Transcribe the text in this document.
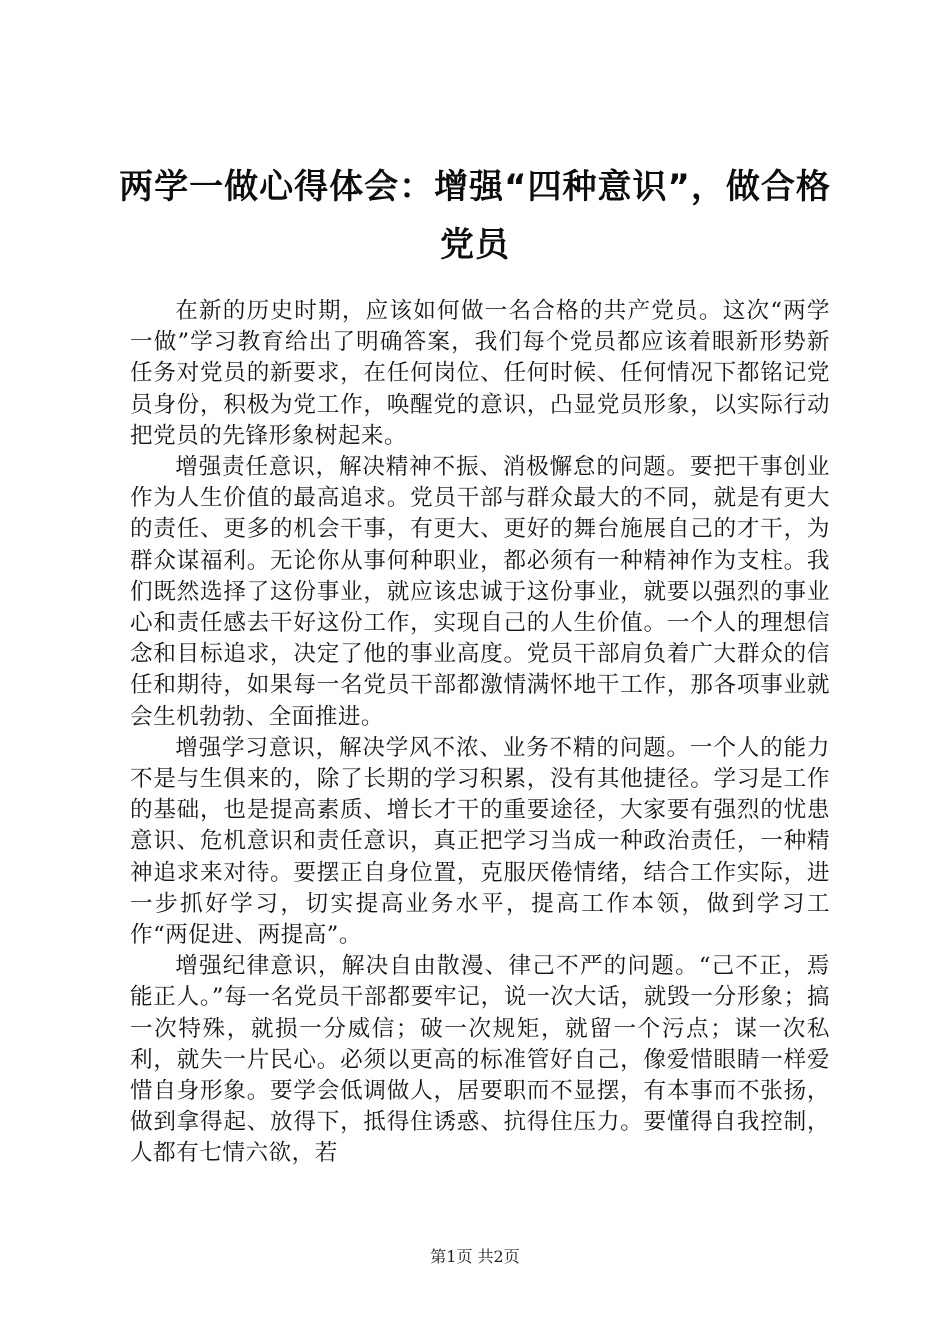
两学一做心得体会：增强“四种意识”，做合格党员

在新的历史时期，应该如何做一名合格的共产党员。这次“两学一做”学习教育给出了明确答案，我们每个党员都应该着眼新形势新任务对党员的新要求，在任何岗位、任何时候、任何情况下都铭记党员身份，积极为党工作，唤醒党的意识，凸显党员形象，以实际行动把党员的先锋形象树起来。

增强责任意识，解决精神不振、消极懈怠的问题。要把干事创业作为人生价值的最高追求。党员干部与群众最大的不同，就是有更大的责任、更多的机会干事，有更大、更好的舞台施展自己的才干，为群众谋福利。无论你从事何种职业，都必须有一种精神作为支柱。我们既然选择了这份事业，就应该忠诚于这份事业，就要以强烈的事业心和责任感去干好这份工作，实现自己的人生价值。一个人的理想信念和目标追求，决定了他的事业高度。党员干部肩负着广大群众的信任和期待，如果每一名党员干部都激情满怀地干工作，那各项事业就会生机勃勃、全面推进。

增强学习意识，解决学风不浓、业务不精的问题。一个人的能力不是与生俱来的，除了长期的学习积累，没有其他捷径。学习是工作的基础，也是提高素质、增长才干的重要途径，大家要有强烈的忧患意识、危机意识和责任意识，真正把学习当成一种政治责任，一种精神追求来对待。要摆正自身位置，克服厌倦情绪，结合工作实际，进一步抓好学习，切实提高业务水平，提高工作本领，做到学习工作“两促进、两提高”。

增强纪律意识，解决自由散漫、律己不严的问题。“己不正，焉能正人。”每一名党员干部都要牢记，说一次大话，就毁一分形象；搞一次特殊，就损一分威信；破一次规矩，就留一个污点；谋一次私利，就失一片民心。必须以更高的标准管好自己，像爱惜眼睛一样爱惜自身形象。要学会低调做人，居要职而不显摆，有本事而不张扬，做到拿得起、放得下，抵得住诱惑、抗得住压力。要懂得自我控制，人都有七情六欲，若

第1页 共2页
